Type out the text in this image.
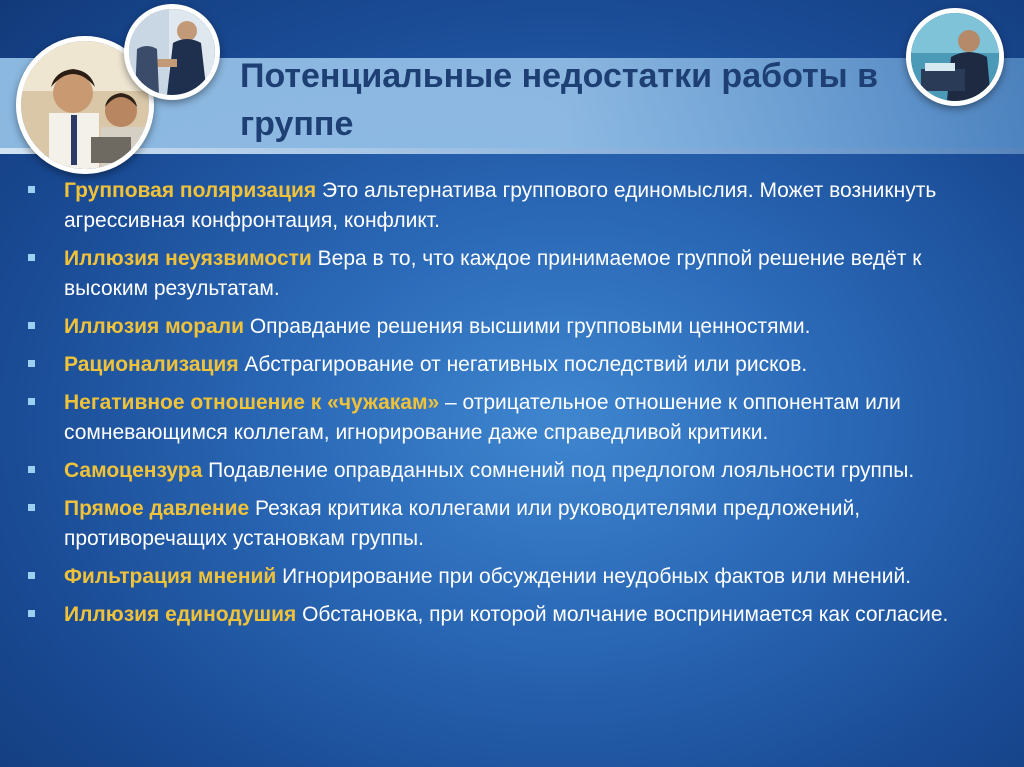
Потенциальные недостатки работы в группе
Групповая поляризация Это альтернатива группового единомыслия. Может возникнуть агрессивная конфронтация, конфликт.
Иллюзия неуязвимости Вера в то, что каждое принимаемое группой решение ведёт к высоким результатам.
Иллюзия морали Оправдание решения высшими групповыми ценностями.
Рационализация Абстрагирование от негативных последствий или рисков.
Негативное отношение к «чужакам» – отрицательное отношение к оппонентам или сомневающимся коллегам, игнорирование даже справедливой критики.
Самоцензура Подавление оправданных сомнений под предлогом лояльности группы.
Прямое давление Резкая критика коллегами или руководителями предложений, противоречащих установкам группы.
Фильтрация мнений Игнорирование при обсуждении неудобных фактов или мнений.
Иллюзия единодушия Обстановка, при которой молчание воспринимается как согласие.
